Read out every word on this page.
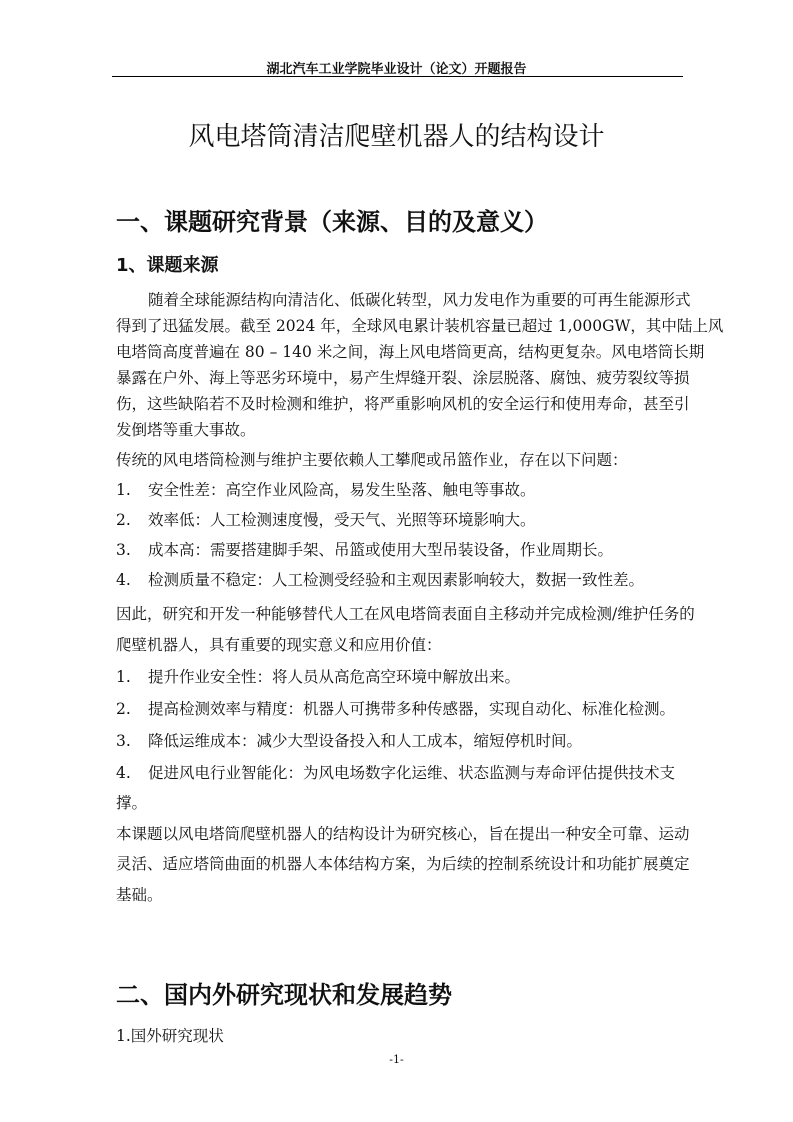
湖北汽车工业学院毕业设计（论文）开题报告
风电塔筒清洁爬壁机器人的结构设计
一、课题研究背景（来源、目的及意义）
1、课题来源
随着全球能源结构向清洁化、低碳化转型，风力发电作为重要的可再生能源形式
得到了迅猛发展。截至 2024 年，全球风电累计装机容量已超过 1,000GW，其中陆上风
电塔筒高度普遍在 80 – 140 米之间，海上风电塔筒更高，结构更复杂。风电塔筒长期
暴露在户外、海上等恶劣环境中，易产生焊缝开裂、涂层脱落、腐蚀、疲劳裂纹等损
伤，这些缺陷若不及时检测和维护，将严重影响风机的安全运行和使用寿命，甚至引
发倒塔等重大事故。
传统的风电塔筒检测与维护主要依赖人工攀爬或吊篮作业，存在以下问题：
1. 安全性差：高空作业风险高，易发生坠落、触电等事故。
2. 效率低：人工检测速度慢，受天气、光照等环境影响大。
3. 成本高：需要搭建脚手架、吊篮或使用大型吊装设备，作业周期长。
4. 检测质量不稳定：人工检测受经验和主观因素影响较大，数据一致性差。
因此，研究和开发一种能够替代人工在风电塔筒表面自主移动并完成检测/维护任务的
爬壁机器人，具有重要的现实意义和应用价值：
1. 提升作业安全性：将人员从高危高空环境中解放出来。
2. 提高检测效率与精度：机器人可携带多种传感器，实现自动化、标准化检测。
3. 降低运维成本：减少大型设备投入和人工成本，缩短停机时间。
4. 促进风电行业智能化：为风电场数字化运维、状态监测与寿命评估提供技术支
撑。
本课题以风电塔筒爬壁机器人的结构设计为研究核心，旨在提出一种安全可靠、运动
灵活、适应塔筒曲面的机器人本体结构方案，为后续的控制系统设计和功能扩展奠定
基础。
二、国内外研究现状和发展趋势
1.国外研究现状
-1-
